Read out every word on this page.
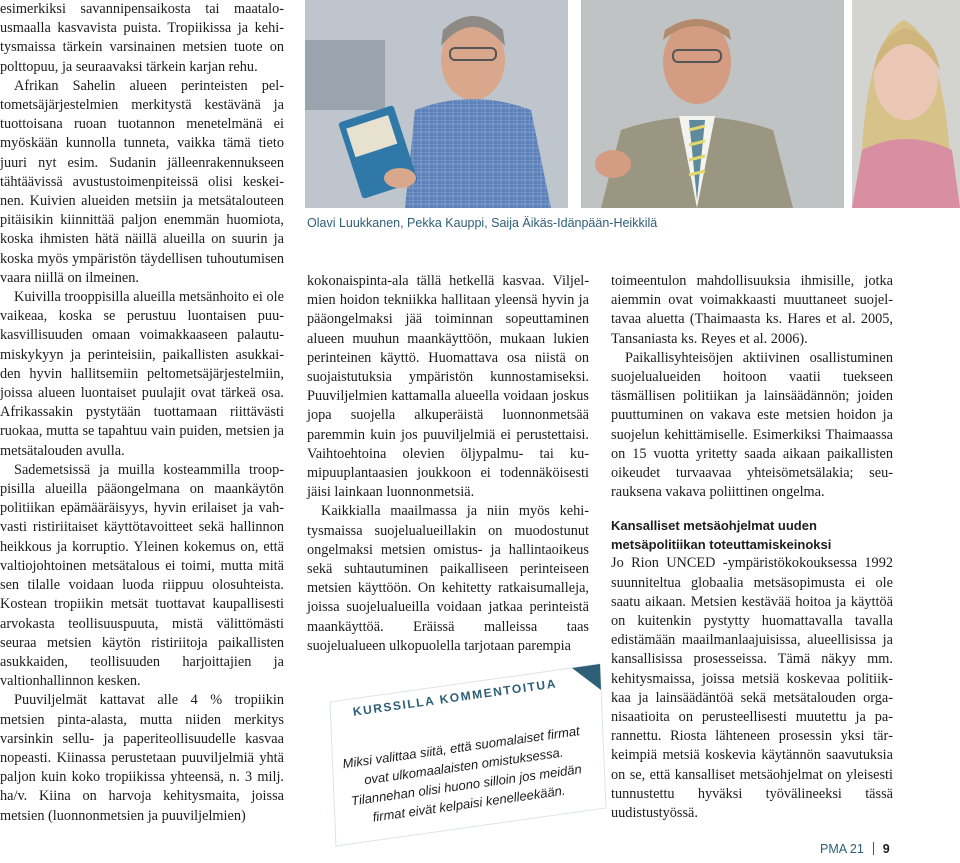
esimerkiksi savannipensaikosta tai maatalousmaalla kasvavista puista. Tropiikissa ja kehitysmaissa tärkein varsinainen metsien tuote on polttopuu, ja seuraavaksi tärkein karjan rehu.

Afrikan Sahelin alueen perinteisten peltometsäjärjestelmien merkitystä kestävänä ja tuottoisana ruoan tuotannon menetelmänä ei myöskään kunnolla tunneta, vaikka tämä tieto juuri nyt esim. Sudanin jälleenrakennukseen tähtäävissä avustustoimenpiteissä olisi keskeinen. Kuivien alueiden metsiin ja metsätalouteen pitäisikin kiinnittää paljon enemmän huomiota, koska ihmisten hätä näillä alueilla on suurin ja koska myös ympäristön täydellisen tuhoutumisen vaara niillä on ilmeinen.

Kuivilla trooppisilla alueilla metsänhoito ei ole vaikeaa, koska se perustuu luontaisen puukasvillisuuden omaan voimakkaaseen palautumiskykyyn ja perinteisiin, paikallisten asukkaiden hyvin hallitsemiin peltometsäjärjestelmiin, joissa alueen luontaiset puulajit ovat tärkeä osa. Afrikassakin pystytään tuottamaan riittävästi ruokaa, mutta se tapahtuu vain puiden, metsien ja metsätalouden avulla.

Sademetsissä ja muilla kosteammilla trooppisilla alueilla pääongelmana on maankäytön politiikan epämääräisyys, hyvin erilaiset ja vahvasti ristiriitaiset käyttötavoitteet sekä hallinnon heikkous ja korruptio. Yleinen kokemus on, että valtiojohtoinen metsätalous ei toimi, mutta mitä sen tilalle voidaan luoda riippuu olosuhteista. Kostean tropiikin metsät tuottavat kaupallisesti arvokasta teollisuuspuuta, mistä välittömästi seuraa metsien käytön ristiriitoja paikallisten asukkaiden, teollisuuden harjoittajien ja valtionhallinnon kesken.

Puuviljelmät kattavat alle 4 % tropiikin metsien pinta-alasta, mutta niiden merkitys varsinkin sellu- ja paperiteollisuudelle kasvaa nopeasti. Kiinassa perustetaan puuviljelmiä yhtä paljon kuin koko tropiikissa yhteensä, n. 3 milj. ha/v. Kiina on harvoja kehitysmaita, joissa metsien (luonnonmetsien ja puuviljelmien)

Olavi Luukkanen, Pekka Kauppi, Saija Äikäs-Idänpään-Heikkilä

kokonaispinta-ala tällä hetkellä kasvaa. Viljelmien hoidon tekniikka hallitaan yleensä hyvin ja pääongelmaksi jää toiminnan sopeuttaminen alueen muuhun maankäyttöön, mukaan lukien perinteinen käyttö. Huomattava osa niistä on suojaistutuksia ympäristön kunnostamiseksi. Puuviljelmien kattamalla alueella voidaan joskus jopa suojella alkuperäistä luonnonmetsää paremmin kuin jos puuviljelmiä ei perustettaisi. Vaihtoehtoina olevien öljypalmu- tai kumipuuplantaasien joukkoon ei todennäköisesti jäisi lainkaan luonnonmetsiä.

Kaikkialla maailmassa ja niin myös kehitysmaissa suojelualueillakin on muodostunut ongelmaksi metsien omistus- ja hallintaoikeus sekä suhtautuminen paikalliseen perinteiseen metsien käyttöön. On kehitetty ratkaisumalleja, joissa suojelualueilla voidaan jatkaa perinteistä maankäyttöä. Eräissä malleissa taas suojelualueen ulkopuolella tarjotaan parempia

toimeentulon mahdollisuuksia ihmisille, jotka aiemmin ovat voimakkaasti muuttaneet suojeltavaa aluetta (Thaimaasta ks. Hares et al. 2005, Tansaniasta ks. Reyes et al. 2006).

Paikallisyhteisöjen aktiivinen osallistuminen suojelualueiden hoitoon vaatii tuekseen täsmällisen politiikan ja lainsäädännön; joiden puuttuminen on vakava este metsien hoidon ja suojelun kehittämiselle. Esimerkiksi Thaimaassa on 15 vuotta yritetty saada aikaan paikallisten oikeudet turvaavaa yhteisömetsälakia; seurauksena vakava poliittinen ongelma.

Kansalliset metsäohjelmat uuden metsäpolitiikan toteuttamiskeinoksi

Jo Rion UNCED -ympäristökokouksessa 1992 suunniteltua globaalia metsäsopimusta ei ole saatu aikaan. Metsien kestävää hoitoa ja käyttöä on kuitenkin pystytty huomattavalla tavalla edistämään maailmanlaajuisissa, alueellisissa ja kansallisissa prosesseissa. Tämä näkyy mm. kehitysmaissa, joissa metsiä koskevaa politiikkaa ja lainsäädäntöä sekä metsätalouden organisaatioita on perusteellisesti muutettu ja parannettu. Riosta lähteneen prosessin yksi tärkeimpiä metsiä koskevia käytännön saavutuksia on se, että kansalliset metsäohjelmat on yleisesti tunnustettu hyväksi työvälineeksi tässä uudistustyössä.

KURSSILLA KOMMENTOITUA
Miksi valittaa siitä, että suomalaiset firmat ovat ulkomaalaisten omistuksessa. Tilannehan olisi huono silloin jos meidän firmat eivät kelpaisi kenelleekään.
PMA 21 9
